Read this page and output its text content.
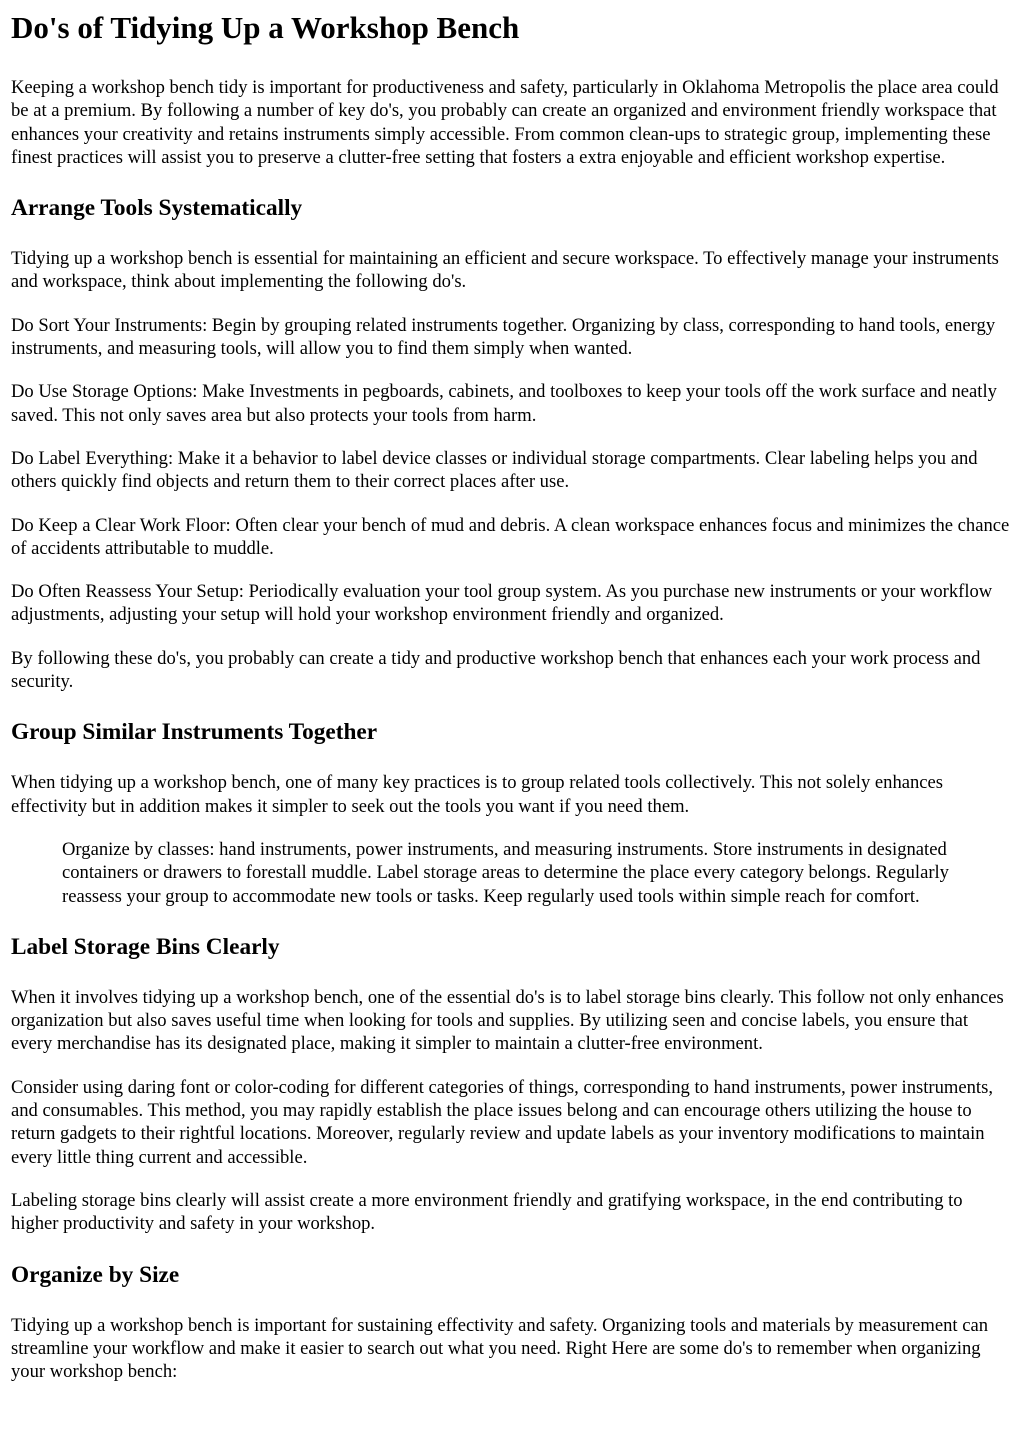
Do's of Tidying Up a Workshop Bench

Keeping a workshop bench tidy is important for productiveness and safety, particularly in Oklahoma Metropolis the place area could be at a premium. By following a number of key do's, you probably can create an organized and environment friendly workspace that enhances your creativity and retains instruments simply accessible. From common clean-ups to strategic group, implementing these finest practices will assist you to preserve a clutter-free setting that fosters a extra enjoyable and efficient workshop expertise.

Arrange Tools Systematically

Tidying up a workshop bench is essential for maintaining an efficient and secure workspace. To effectively manage your instruments and workspace, think about implementing the following do's.

Do Sort Your Instruments: Begin by grouping related instruments together. Organizing by class, corresponding to hand tools, energy instruments, and measuring tools, will allow you to find them simply when wanted.

Do Use Storage Options: Make Investments in pegboards, cabinets, and toolboxes to keep your tools off the work surface and neatly saved. This not only saves area but also protects your tools from harm.

Do Label Everything: Make it a behavior to label device classes or individual storage compartments. Clear labeling helps you and others quickly find objects and return them to their correct places after use.

Do Keep a Clear Work Floor: Often clear your bench of mud and debris. A clean workspace enhances focus and minimizes the chance of accidents attributable to muddle.

Do Often Reassess Your Setup: Periodically evaluation your tool group system. As you purchase new instruments or your workflow adjustments, adjusting your setup will hold your workshop environment friendly and organized.

By following these do's, you probably can create a tidy and productive workshop bench that enhances each your work process and security.

Group Similar Instruments Together

When tidying up a workshop bench, one of many key practices is to group related tools collectively. This not solely enhances effectivity but in addition makes it simpler to seek out the tools you want if you need them.

Organize by classes: hand instruments, power instruments, and measuring instruments. Store instruments in designated containers or drawers to forestall muddle. Label storage areas to determine the place every category belongs. Regularly reassess your group to accommodate new tools or tasks. Keep regularly used tools within simple reach for comfort.
Label Storage Bins Clearly

When it involves tidying up a workshop bench, one of the essential do's is to label storage bins clearly. This follow not only enhances organization but also saves useful time when looking for tools and supplies. By utilizing seen and concise labels, you ensure that every merchandise has its designated place, making it simpler to maintain a clutter-free environment.

Consider using daring font or color-coding for different categories of things, corresponding to hand instruments, power instruments, and consumables. This method, you may rapidly establish the place issues belong and can encourage others utilizing the house to return gadgets to their rightful locations. Moreover, regularly review and update labels as your inventory modifications to maintain every little thing current and accessible.

Labeling storage bins clearly will assist create a more environment friendly and gratifying workspace, in the end contributing to higher productivity and safety in your workshop.

Organize by Size

Tidying up a workshop bench is important for sustaining effectivity and safety. Organizing tools and materials by measurement can streamline your workflow and make it easier to search out what you need. Right Here are some do's to remember when organizing your workshop bench:
